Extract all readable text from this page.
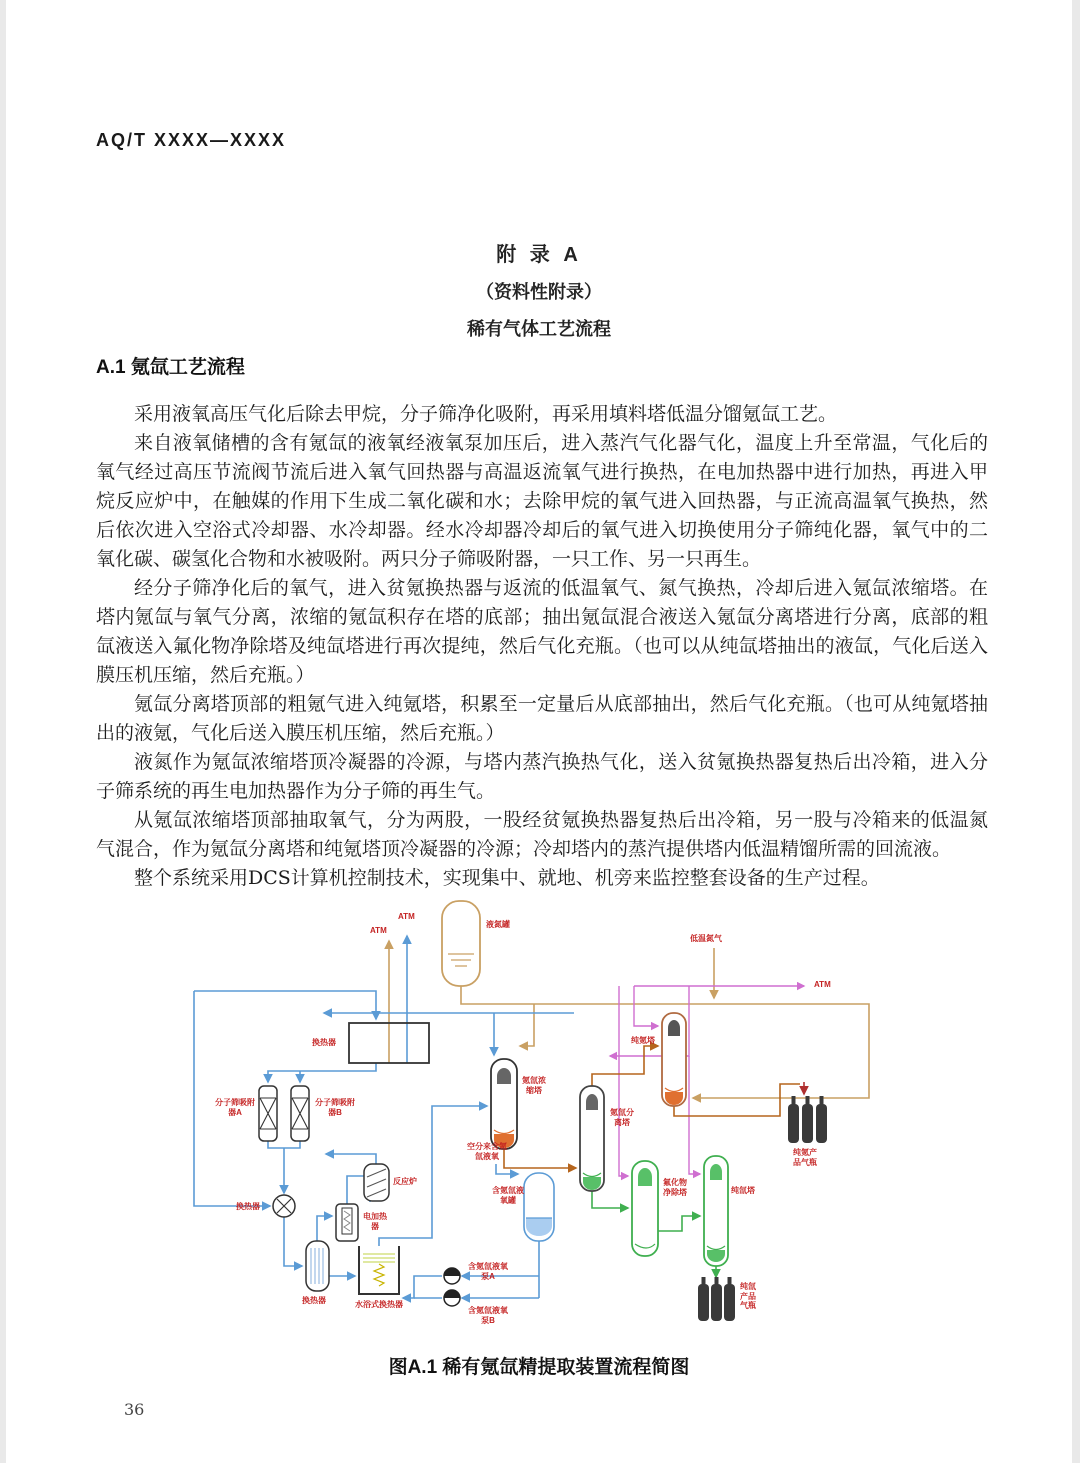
AQ/T XXXX—XXXX
附 录 A
（资料性附录）
稀有气体工艺流程
A.1 氪氙工艺流程

采用液氧高压气化后除去甲烷，分子筛净化吸附，再采用填料塔低温分馏氪氙工艺。

来自液氧储槽的含有氪氙的液氧经液氧泵加压后，进入蒸汽气化器气化，温度上升至常温，气化后的氧气经过高压节流阀节流后进入氧气回热器与高温返流氧气进行换热，在电加热器中进行加热，再进入甲烷反应炉中，在触媒的作用下生成二氧化碳和水；去除甲烷的氧气进入回热器，与正流高温氧气换热，然后依次进入空浴式冷却器、水冷却器。经水冷却器冷却后的氧气进入切换使用分子筛纯化器，氧气中的二氧化碳、碳氢化合物和水被吸附。两只分子筛吸附器，一只工作、另一只再生。

经分子筛净化后的氧气，进入贫氪换热器与返流的低温氧气、氮气换热，冷却后进入氪氙浓缩塔。在塔内氪氙与氧气分离，浓缩的氪氙积存在塔的底部；抽出氪氙混合液送入氪氙分离塔进行分离，底部的粗氙液送入氟化物净除塔及纯氙塔进行再次提纯，然后气化充瓶。（也可以从纯氙塔抽出的液氙，气化后送入膜压机压缩，然后充瓶。）

氪氙分离塔顶部的粗氪气进入纯氪塔，积累至一定量后从底部抽出，然后气化充瓶。（也可从纯氪塔抽出的液氪，气化后送入膜压机压缩，然后充瓶。）

液氮作为氪氙浓缩塔顶冷凝器的冷源，与塔内蒸汽换热气化，送入贫氪换热器复热后出冷箱，进入分子筛系统的再生电加热器作为分子筛的再生气。

从氪氙浓缩塔顶部抽取氧气，分为两股，一股经贫氪换热器复热后出冷箱，另一股与冷箱来的低温氮气混合，作为氪氙分离塔和纯氪塔顶冷凝器的冷源；冷却塔内的蒸汽提供塔内低温精馏所需的回流液。

整个系统采用DCS计算机控制技术，实现集中、就地、机旁来监控整套设备的生产过程。

ATM
ATM
ATM
液氮罐
低温氮气
换热器
分子筛吸附器A
分子筛吸附器B
换热器
反应炉
电加热器
换热器	水浴式换热器
空分来含氪氙液氧
含氪氙液氧罐
含氪氙液氧泵A
含氪氙液氧泵B
氪氙浓缩塔
氪氙分离塔
纯氪塔
氟化物净除塔	纯氙塔
纯氪产品气瓶
纯氙产品气瓶
图A.1 稀有氪氙精提取装置流程简图
36
